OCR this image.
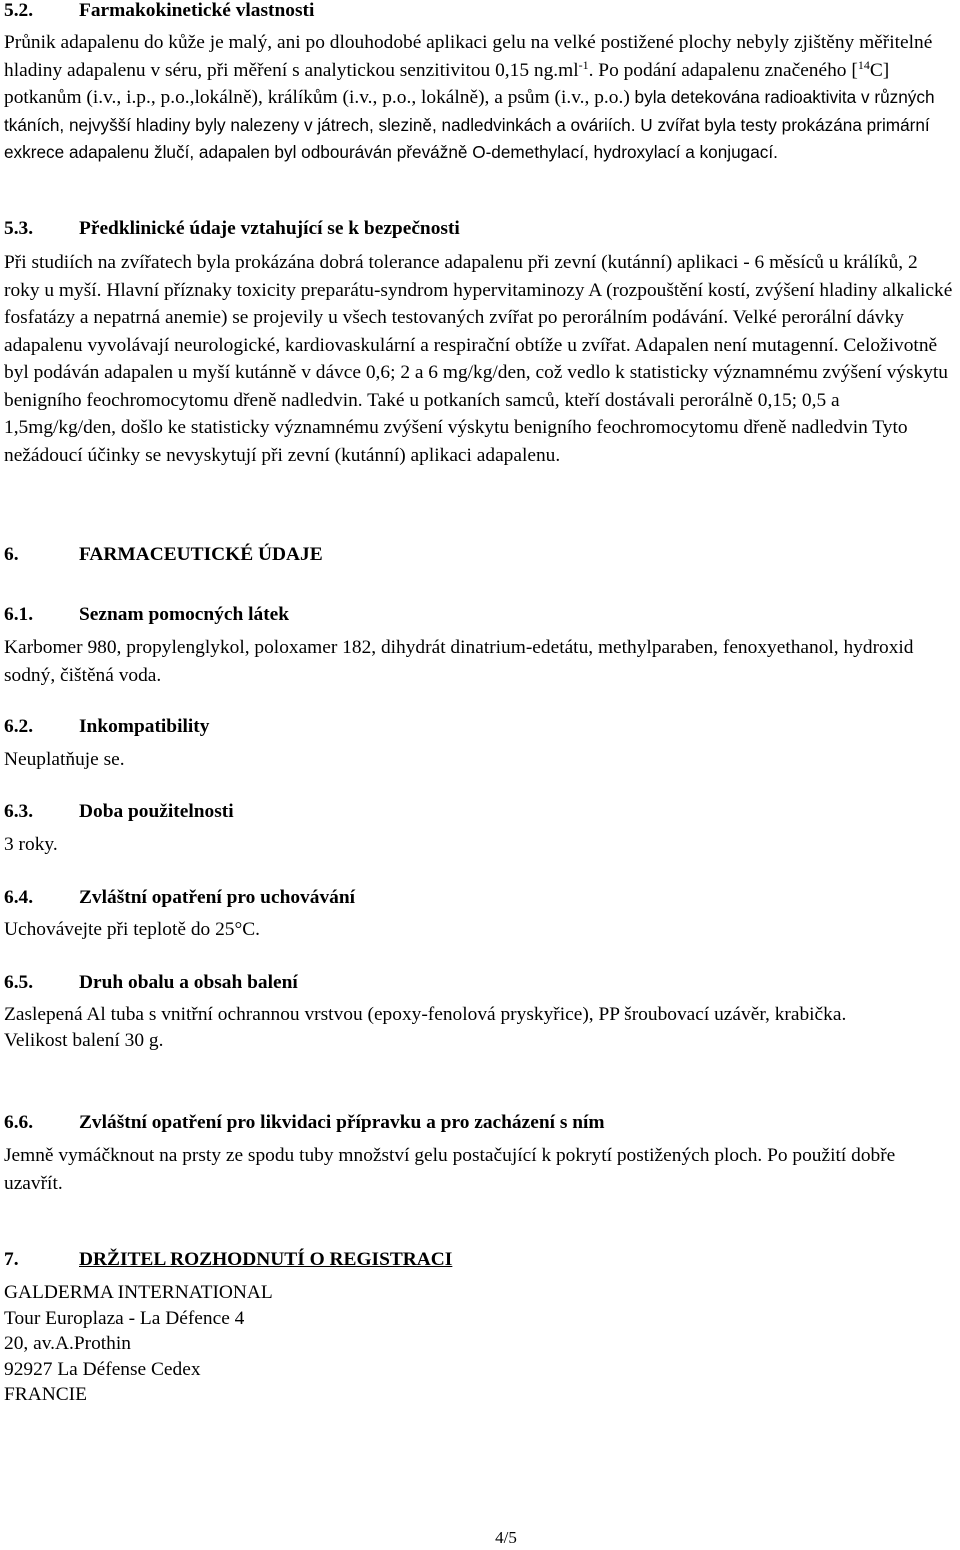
5.2. Farmakokinetické vlastnosti

Průnik adapalenu do kůže je malý, ani po dlouhodobé aplikaci gelu na velké postižené plochy nebyly zjištěny měřitelné hladiny adapalenu v séru, při měření s analytickou senzitivitou 0,15 $ng.ml^{-1}$. Po podání adapalenu značeného [$^{14}$C] potkanům (i.v., i.p., p.o.,lokálně), králíkům (i.v., p.o., lokálně), a psům (i.v., p.o.) byla detekována radioaktivita v různých tkáních, nejvyšší hladiny byly nalezeny v játrech, slezině, nadledvinkách a ováriích. U zvířat byla testy prokázána primární exkrece adapalenu žlučí, adapalen byl odbouráván převážně O-demethylací, hydroxylací a konjugací.

5.3. Předklinické údaje vztahující se k bezpečnosti

Při studiích na zvířatech byla prokázána dobrá tolerance adapalenu při zevní (kutánní) aplikaci - 6 měsíců u králíků, 2 roky u myší. Hlavní příznaky toxicity preparátu-syndrom hypervitaminozy A (rozpouštění kostí, zvýšení hladiny alkalické fosfatázy a nepatrná anemie) se projevily u všech testovaných zvířat po perorálním podávání. Velké perorální dávky adapalenu vyvolávají neurologické, kardiovaskulární a respirační obtíže u zvířat. Adapalen není mutagenní. Celoživotně byl podáván adapalen u myší kutánně v dávce 0,6; 2 a 6 mg/kg/den, což vedlo k statisticky významnému zvýšení výskytu benigního feochromocytomu dřeně nadledvin. Také u potkaních samců, kteří dostávali perorálně 0,15; 0,5 a 1,5mg/kg/den, došlo ke statisticky významnému zvýšení výskytu benigního feochromocytomu dřeně nadledvin Tyto nežádoucí účinky se nevyskytují při zevní (kutánní) aplikaci adapalenu.

6.	FARMACEUTICKÉ ÚDAJE
6.1. Seznam pomocných látek

Karbomer 980, propylenglykol, poloxamer 182, dihydrát dinatrium-edetátu, methylparaben, fenoxyethanol, hydroxid sodný, čištěná voda.

6.2. Inkompatibility

Neuplatňuje se.

6.3. Doba použitelnosti

3 roky.

6.4. Zvláštní opatření pro uchovávání

Uchovávejte při teplotě do 25°C.

6.5. Druh obalu a obsah balení

Zaslepená Al tuba s vnitřní ochrannou vrstvou (epoxy-fenolová pryskyřice), PP šroubovací uzávěr, krabička.

Velikost balení 30 g.

6.6. Zvláštní opatření pro likvidaci přípravku a pro zacházení s ním

Jemně vymáčknout na prsty ze spodu tuby množství gelu postačující k pokrytí postižených ploch. Po použití dobře uzavřít.

7.	DRŽITEL ROZHODNUTÍ O REGISTRACI

GALDERMA INTERNATIONAL

Tour Europlaza - La Défence 4

20, av.A.Prothin

92927 La Défense Cedex

FRANCIE

4/5
